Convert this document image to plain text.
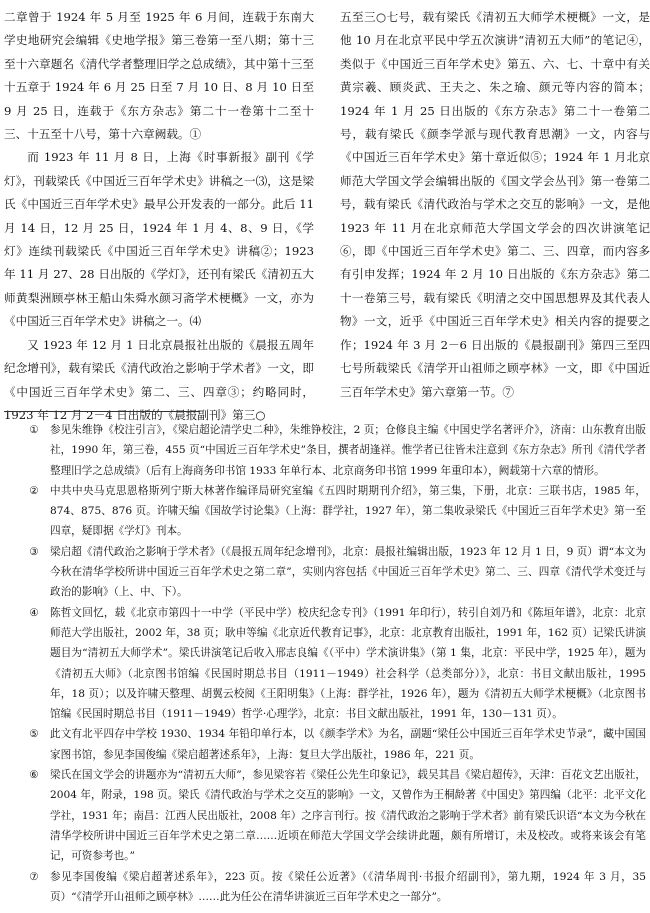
二章曾于 1924 年 5 月至 1925 年 6 月间，连载于东南大学史地研究会编辑《史地学报》第三卷第一至八期；第十三至十六章题名《清代学者整理旧学之总成绩》，其中第十三至十五章于 1924 年 6 月 25 日至 7 月 10 日、8 月 10 日至 9 月 25 日，连载于《东方杂志》第二十一卷第十二至十三、十五至十八号，第十六章阙载。①

而 1923 年 11 月 8 日，上海《时事新报》副刊《学灯》，刊载梁氏《中国近三百年学术史》讲稿之一⑶，这是梁氏《中国近三百年学术史》最早公开发表的一部分。此后 11 月 14 日，12 月 25 日，1924 年 1 月 4、8、9 日，《学灯》连续刊载梁氏《中国近三百年学术史》讲稿②；1923 年 11 月 27、28 日出版的《学灯》，还刊有梁氏《清初五大师黄梨洲顾亭林王船山朱舜水颜习斋学术梗概》一文，亦为《中国近三百年学术史》讲稿之一。⑷

又 1923 年 12 月 1 日北京晨报社出版的《晨报五周年纪念增刊》，载有梁氏《清代政治之影响于学术者》一文，即《中国近三百年学术史》第二、三、四章③；约略同时，1923 年 12 月 2－4 日出版的《晨报副刊》第三○

五至三○七号，载有梁氏《清初五大师学术梗概》一文，是他 10 月在北京平民中学五次演讲“清初五大师”的笔记④，类似于《中国近三百年学术史》第五、六、七、十章中有关黄宗羲、顾炎武、王夫之、朱之瑜、颜元等内容的简本；1924 年 1 月 25 日出版的《东方杂志》第二十一卷第二号，载有梁氏《颜李学派与现代教育思潮》一文，内容与《中国近三百年学术史》第十章近似⑤；1924 年 1 月北京师范大学国文学会编辑出版的《国文学会丛刊》第一卷第二号，载有梁氏《清代政治与学术之交互的影响》一文，是他 1923 年 11 月在北京师范大学国文学会的四次讲演笔记⑥，即《中国近三百年学术史》第二、三、四章，而内容多有引申发挥；1924 年 2 月 10 日出版的《东方杂志》第二十一卷第三号，载有梁氏《明清之交中国思想界及其代表人物》一文，近乎《中国近三百年学术史》相关内容的提要之作；1924 年 3 月 2－6 日出版的《晨报副刊》第四三至四七号所载梁氏《清学开山祖师之顾亭林》一文，即《中国近三百年学术史》第六章第一节。⑦

①	参见朱维铮《校注引言》，《梁启超论清学史二种》，朱维铮校注，2 页；仓修良主编《中国史学名著评介》，济南：山东教育出版社，1990 年，第三卷，455 页“中国近三百年学术史”条目，撰者胡逢祥。惟学者已往皆未注意到《东方杂志》所刊《清代学者整理旧学之总成绩》（后有上海商务印书馆 1933 年单行本、北京商务印书馆 1999 年重印本），阙载第十六章的情形。

②	中共中央马克思恩格斯列宁斯大林著作编译局研究室编《五四时期期刊介绍》，第三集，下册，北京：三联书店，1985 年，874、875、876 页。许啸天编《国故学讨论集》（上海：群学社，1927 年），第二集收录梁氏《中国近三百年学术史》第一至四章，疑即据《学灯》刊本。

③	梁启超《清代政治之影响于学术者》（《晨报五周年纪念增刊》，北京：晨报社编辑出版，1923 年 12 月 1 日，9 页）谓“本文为今秋在清华学校所讲中国近三百年学术史之第二章”，实则内容包括《中国近三百年学术史》第二、三、四章《清代学术变迁与政治的影响》（上、中、下）。

④	陈哲文回忆，载《北京市第四十一中学（平民中学）校庆纪念专刊》（1991 年印行），转引自刘乃和《陈垣年谱》，北京：北京师范大学出版社，2002 年，38 页；耿申等编《北京近代教育记事》，北京：北京教育出版社，1991 年，162 页）记梁氏讲演题目为“清初五大师学术”。梁氏讲演笔记后收入邢志良编《（平中）学术演讲集》（第 1 集，北京：平民中学，1925 年），题为《清初五大师》（北京图书馆编《民国时期总书目（1911－1949）社会科学（总类部分）》，北京：书目文献出版社，1995 年，18 页）；以及许啸天整理、胡翼云校阅《王阳明集》（上海：群学社，1926 年），题为《清初五大师学术梗概》（北京图书馆编《民国时期总书目（1911－1949）哲学·心理学》，北京：书目文献出版社，1991 年，130－131 页）。

⑤	此文有北平四存中学校 1930、1934 年铅印单行本，以《颜李学术》为名，副题“梁任公中国近三百年学术史节录”，藏中国国家图书馆，参见李国俊编《梁启超著述系年》，上海：复旦大学出版社，1986 年，221 页。

⑥	梁氏在国文学会的讲题亦为“清初五大师”，参见梁容若《梁任公先生印象记》，载吴其昌《梁启超传》，天津：百花文艺出版社，2004 年，附录，198 页。梁氏《清代政治与学术之交互的影响》一文，又曾作为王桐龄著《中国史》第四编（北平：北平文化学社，1931 年；南昌：江西人民出版社，2008 年）之序言刊行。按《清代政治之影响于学术者》前有梁氏识语“本文为今秋在清华学校所讲中国近三百年学术史之第二章……近顷在师范大学国文学会续讲此题，颇有所增订，未及校改。或将来该会有笔记，可资参考也。”

⑦	参见李国俊编《梁启超著述系年》，223 页。按《梁任公近著》（《清华周刊·书报介绍副刊》，第九期，1924 年 3 月，35 页）“《清学开山祖师之顾亭林》……此为任公在清华讲演近三百年学术史之一部分”。
